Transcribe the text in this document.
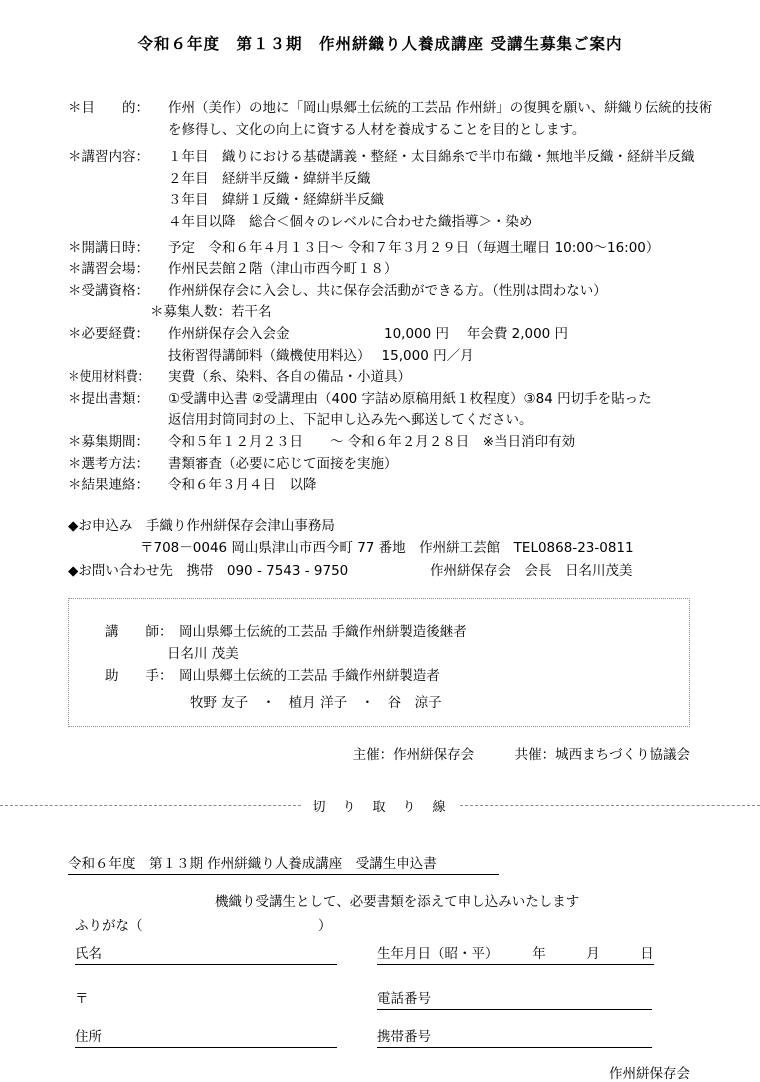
令和６年度　第１３期　作州絣織り人養成講座 受講生募集ご案内
＊目　　的：	作州（美作）の地に「岡山県郷土伝統的工芸品 作州絣」の復興を願い、絣織り伝統的技術
を修得し、文化の向上に資する人材を養成することを目的とします。
＊講習内容：	１年目　織りにおける基礎講義・整経・太目綿糸で半巾布織・無地半反織・経絣半反織
２年目　経絣半反織・緯絣半反織
３年目　緯絣１反織・経緯絣半反織
４年目以降　総合＜個々のレベルに合わせた織指導＞・染め
＊開講日時：	予定　令和６年４月１３日～ 令和７年３月２９日（毎週土曜日 10:00～16:00）
＊講習会場：	作州民芸館２階（津山市西今町１８）
＊受講資格：	作州絣保存会に入会し、共に保存会活動ができる方。（性別は問わない）
＊募集人数：若干名
＊必要経費：	作州絣保存会入会金　　　　　　　10,000 円　 年会費 2,000 円
技術習得講師料（織機使用料込）　 15,000 円／月
＊使用材料費：	実費（糸、染料、各自の備品・小道具）
＊提出書類：	①受講申込書 ②受講理由（400 字詰め原稿用紙１枚程度）③84 円切手を貼った
返信用封筒同封の上、下記申し込み先へ郵送してください。
＊募集期間：	令和５年１２月２３日　　～ 令和６年２月２８日　※当日消印有効
＊選考方法：	書類審査（必要に応じて面接を実施）
＊結果連絡：	令和６年３月４日　以降
◆お申込み 　手織り作州絣保存会津山事務局
〒708－0046 岡山県津山市西今町 77 番地　作州絣工芸館　TEL0868-23-0811
◆お問い合わせ先　携帯　090 - 7543 - 9750	作州絣保存会　会長　日名川茂美
講　　師： 岡山県郷土伝統的工芸品 手織作州絣製造後継者
日名川 茂美
助　　手： 岡山県郷土伝統的工芸品 手織作州絣製造者
牧野 友子　・　植月 洋子　・　谷　涼子
主催：作州絣保存会　　　共催：城西まちづくり協議会
切　り　取　り　線
令和６年度　第１３期 作州絣織り人養成講座　受講生申込書
機織り受講生として、必要書類を添えて申し込みいたします
ふりがな（　　　　　　　　　　　　　）
氏名	生年月日（昭・平）　　　年　　　月　　　日
〒	電話番号
住所	携帯番号
作州絣保存会
